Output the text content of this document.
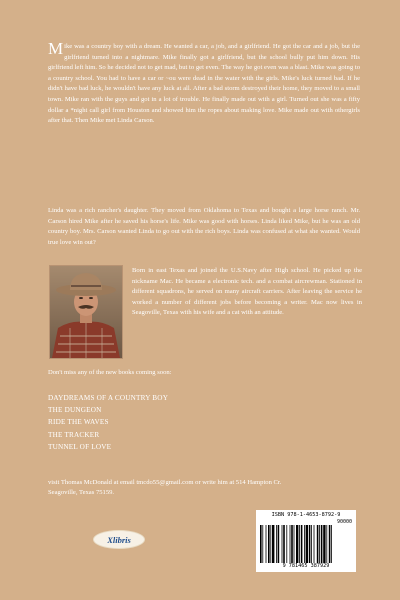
Mike was a country boy with a dream. He wanted a car, a job, and a girlfriend. He got the car and a job, but the girlfriend turned into a nightmare. Mike finally got a girlfriend, but the school bully put him down. His girlfriend left him. So he decided not to get mad, but to get even. The way he got even was a blast. Mike was going to a country school. You had to have a car or ~ou were dead in the water with the girls. Mike's luck turned bad. If he didn't have bad luck, he wouldn't have any luck at all. After a bad storm destroyed their home, they moved to a small town. Mike ran with the guys and got in a lot of trouble. He finally made out with a girl. Turned out she was a fifty dollar a *night call girl from Houston and showed him the ropes about making love. Mike made out with othergirls after that. Then Mike met Linda Carson.

Linda was a rich rancher's daughter. They moved from Oklahoma to Texas and bought a large horse ranch. Mr. Carson hired Mike after he saved his horse's life. Mike was good with horses. Linda liked Mike, but he was an old country boy. Mrs. Carson wanted Linda to go out with the rich boys. Linda was confused at what she wanted. Would true love win out?

Born in east Texas and joined the U.S.Navy after High school. He picked up the nickname Mac. He became a electronic tech. and a combat aircrewman. Stationed in different squadrons, he served on many aircraft carriers. After leaving the service he worked a number of different jobs before becoming a writer. Mac now lives in Seagoville, Texas with his wife and a cat with an attitude.

Don't miss any of the new books coming soon:

DAYDREAMS OF A COUNTRY BOY
THE DUNGEON
RIDE THE WAVES
THE TRACKER
TUNNEL OF LOVE

visit Thomas McDonald at email tmcdo55@gmail.com or write him at 514 Hampton Cr. Seagoville, Texas 75159.

Xlibris
ISBN 978-1-4653-8792-9
90000
9 781465 387929
